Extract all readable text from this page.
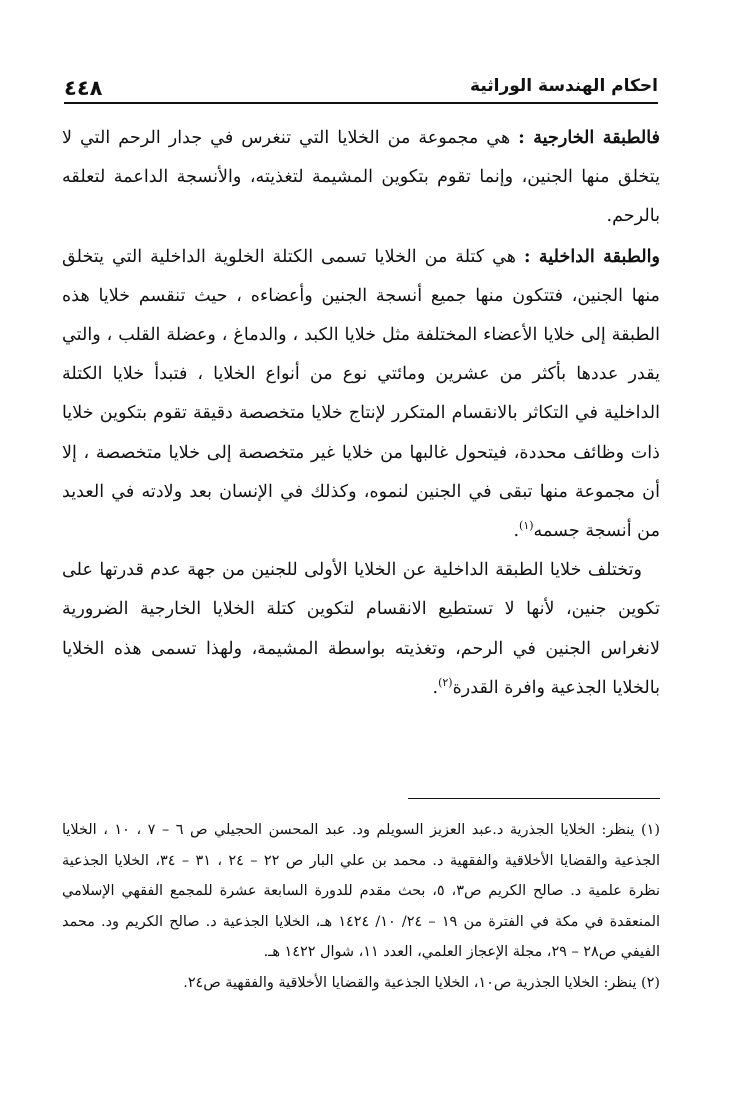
٤٤٨	احكام الهندسة الوراثية

فالطبقة الخارجية : هي مجموعة من الخلايا التي تنغرس في جدار الرحم التي لا يتخلق منها الجنين، وإنما تقوم بتكوين المشيمة لتغذيته، والأنسجة الداعمة لتعلقه بالرحم.

والطبقة الداخلية : هي كتلة من الخلايا تسمى الكتلة الخلوية الداخلية التي يتخلق منها الجنين، فتتكون منها جميع أنسجة الجنين وأعضاءه ، حيث تنقسم خلايا هذه الطبقة إلى خلايا الأعضاء المختلفة مثل خلايا الكبد ، والدماغ ، وعضلة القلب ، والتي يقدر عددها بأكثر من عشرين ومائتي نوع من أنواع الخلايا ، فتبدأ خلايا الكتلة الداخلية في التكاثر بالانقسام المتكرر لإنتاج خلايا متخصصة دقيقة تقوم بتكوين خلايا ذات وظائف محددة، فيتحول غالبها من خلايا غير متخصصة إلى خلايا متخصصة ، إلا أن مجموعة منها تبقى في الجنين لنموه، وكذلك في الإنسان بعد ولادته في العديد من أنسجة جسمه$^{(١)}$.

وتختلف خلايا الطبقة الداخلية عن الخلايا الأولى للجنين من جهة عدم قدرتها على تكوين جنين، لأنها لا تستطيع الانقسام لتكوين كتلة الخلايا الخارجية الضرورية لانغراس الجنين في الرحم، وتغذيته بواسطة المشيمة، ولهذا تسمى هذه الخلايا بالخلايا الجذعية وافرة القدرة$^{(٢)}$.

(١) ينظر: الخلايا الجذرية د.عبد العزيز السويلم ود. عبد المحسن الحجيلي ص ٦ – ٧ ، ١٠ ، الخلايا الجذعية والقضايا الأخلاقية والفقهية د. محمد بن علي البار ص ٢٢ – ٢٤ ، ٣١ – ٣٤، الخلايا الجذعية نظرة علمية د. صالح الكريم ص٣، ٥، بحث مقدم للدورة السابعة عشرة للمجمع الفقهي الإسلامي المنعقدة في مكة في الفترة من ١٩ – ٢٤/ ١٠/ ١٤٢٤ هـ، الخلايا الجذعية د. صالح الكريم ود. محمد الفيفي ص٢٨ – ٢٩، مجلة الإعجاز العلمي، العدد ١١، شوال ١٤٢٢ هـ.

(٢) ينظر: الخلايا الجذرية ص١٠، الخلايا الجذعية والقضايا الأخلاقية والفقهية ص٢٤.
